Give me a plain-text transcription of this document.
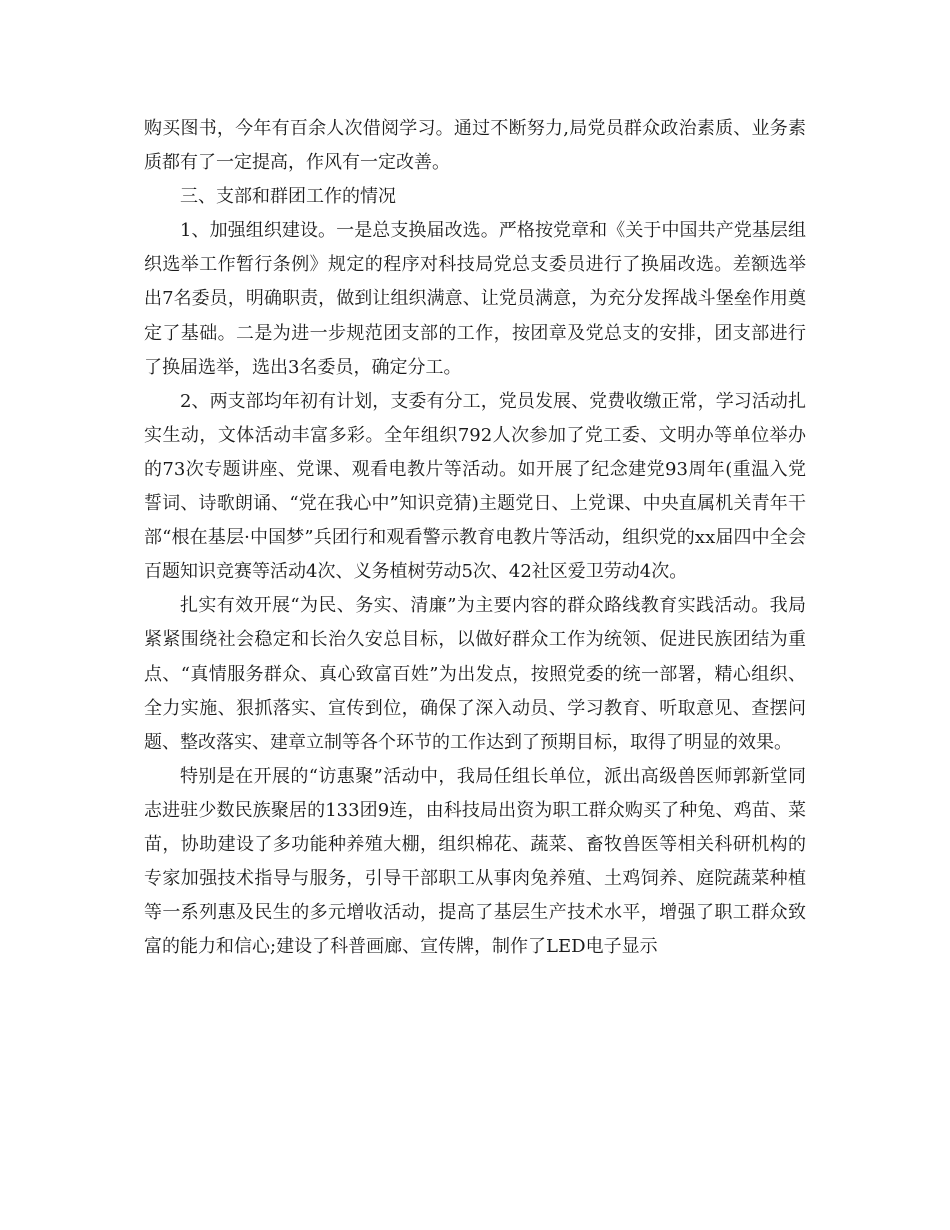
购买图书，今年有百余人次借阅学习。通过不断努力,局党员群众政治素质、业务素质都有了一定提高，作风有一定改善。

三、支部和群团工作的情况

1、加强组织建设。一是总支换届改选。严格按党章和《关于中国共产党基层组织选举工作暂行条例》规定的程序对科技局党总支委员进行了换届改选。差额选举出7名委员，明确职责，做到让组织满意、让党员满意，为充分发挥战斗堡垒作用奠定了基础。二是为进一步规范团支部的工作，按团章及党总支的安排，团支部进行了换届选举，选出3名委员，确定分工。

2、两支部均年初有计划，支委有分工，党员发展、党费收缴正常，学习活动扎实生动，文体活动丰富多彩。全年组织792人次参加了党工委、文明办等单位举办的73次专题讲座、党课、观看电教片等活动。如开展了纪念建党93周年(重温入党誓词、诗歌朗诵、“党在我心中”知识竞猜)主题党日、上党课、中央直属机关青年干部“根在基层·中国梦”兵团行和观看警示教育电教片等活动，组织党的xx届四中全会百题知识竞赛等活动4次、义务植树劳动5次、42社区爱卫劳动4次。

扎实有效开展“为民、务实、清廉”为主要内容的群众路线教育实践活动。我局紧紧围绕社会稳定和长治久安总目标，以做好群众工作为统领、促进民族团结为重点、“真情服务群众、真心致富百姓”为出发点，按照党委的统一部署，精心组织、全力实施、狠抓落实、宣传到位，确保了深入动员、学习教育、听取意见、查摆问题、整改落实、建章立制等各个环节的工作达到了预期目标，取得了明显的效果。

特别是在开展的“访惠聚”活动中，我局任组长单位，派出高级兽医师郭新堂同志进驻少数民族聚居的133团9连，由科技局出资为职工群众购买了种兔、鸡苗、菜苗，协助建设了多功能种养殖大棚，组织棉花、蔬菜、畜牧兽医等相关科研机构的专家加强技术指导与服务，引导干部职工从事肉兔养殖、土鸡饲养、庭院蔬菜种植等一系列惠及民生的多元增收活动，提高了基层生产技术水平，增强了职工群众致富的能力和信心;建设了科普画廊、宣传牌，制作了LED电子显示
